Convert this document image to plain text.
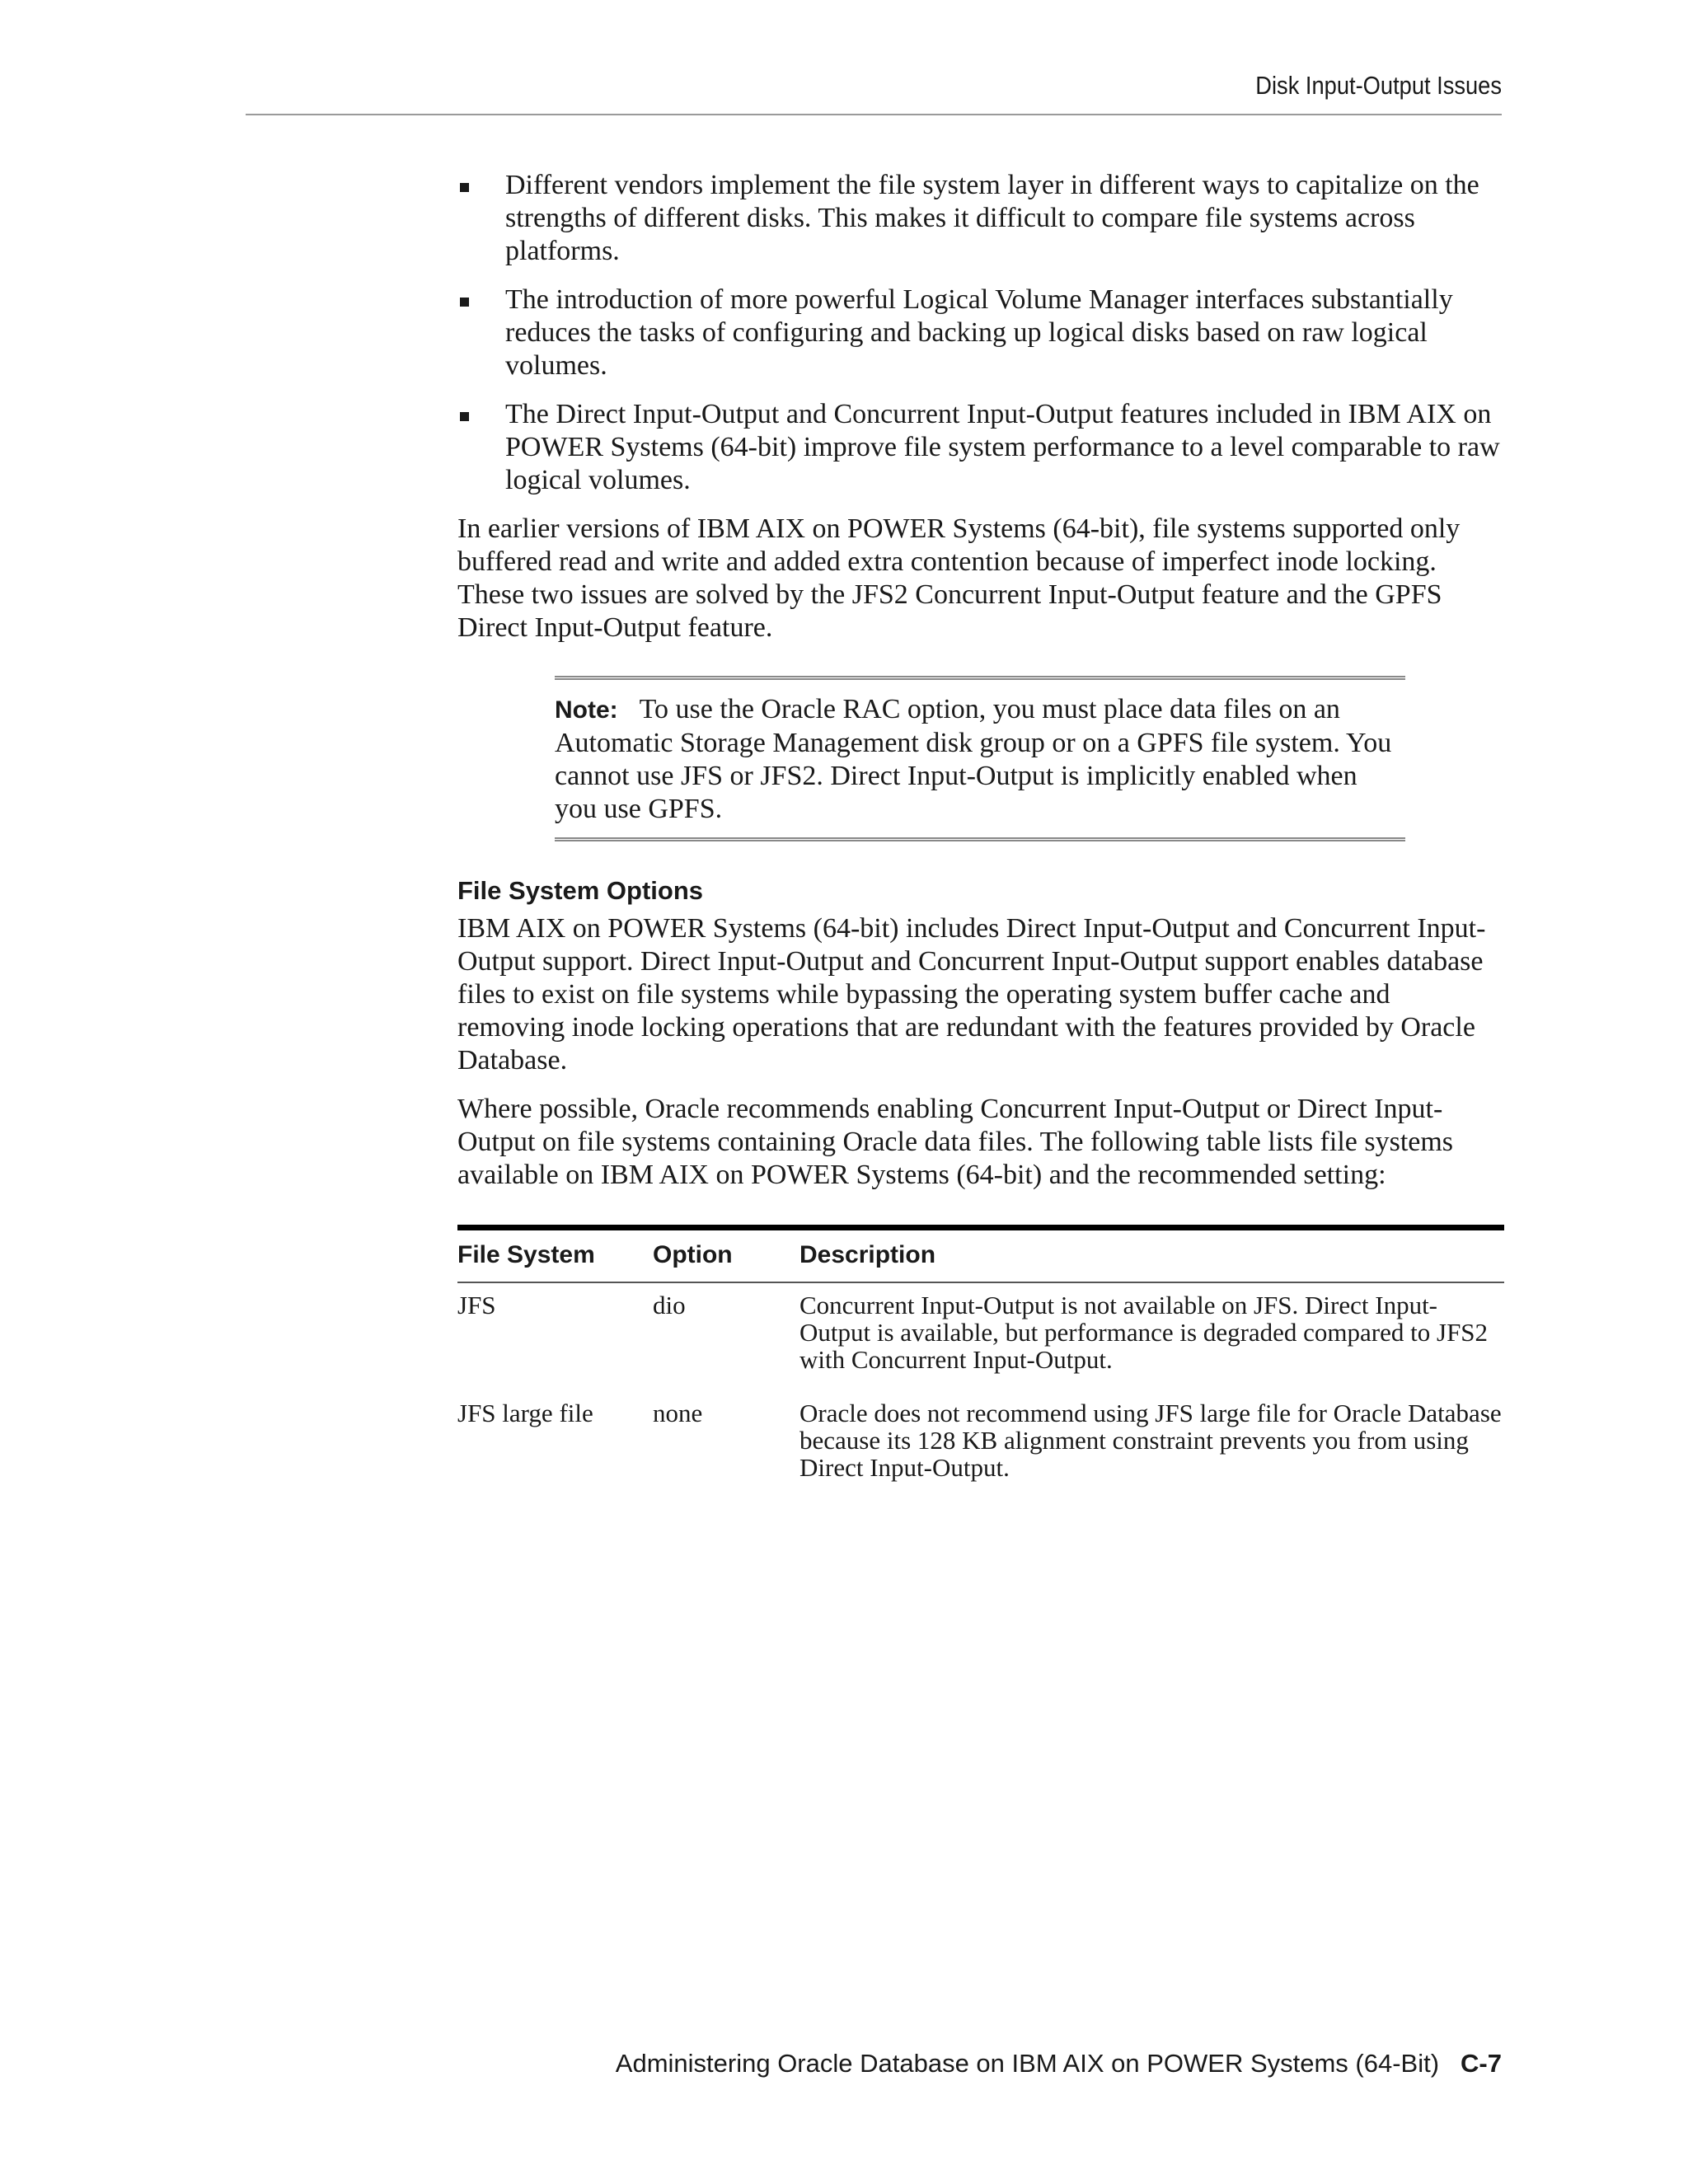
Disk Input-Output Issues
Different vendors implement the file system layer in different ways to capitalize on the strengths of different disks. This makes it difficult to compare file systems across platforms.
The introduction of more powerful Logical Volume Manager interfaces substantially reduces the tasks of configuring and backing up logical disks based on raw logical volumes.
The Direct Input-Output and Concurrent Input-Output features included in IBM AIX on POWER Systems (64-bit) improve file system performance to a level comparable to raw logical volumes.

In earlier versions of IBM AIX on POWER Systems (64-bit), file systems supported only buffered read and write and added extra contention because of imperfect inode locking. These two issues are solved by the JFS2 Concurrent Input-Output feature and the GPFS Direct Input-Output feature.

Note: To use the Oracle RAC option, you must place data files on an Automatic Storage Management disk group or on a GPFS file system. You cannot use JFS or JFS2. Direct Input-Output is implicitly enabled when you use GPFS.
File System Options

IBM AIX on POWER Systems (64-bit) includes Direct Input-Output and Concurrent Input-Output support. Direct Input-Output and Concurrent Input-Output support enables database files to exist on file systems while bypassing the operating system buffer cache and removing inode locking operations that are redundant with the features provided by Oracle Database.

Where possible, Oracle recommends enabling Concurrent Input-Output or Direct Input-Output on file systems containing Oracle data files. The following table lists file systems available on IBM AIX on POWER Systems (64-bit) and the recommended setting:

File System	Option	Description
JFS	dio	Concurrent Input-Output is not available on JFS. Direct Input-Output is available, but performance is degraded compared to JFS2 with Concurrent Input-Output.
JFS large file	none	Oracle does not recommend using JFS large file for Oracle Database because its 128 KB alignment constraint prevents you from using Direct Input-Output.
Administering Oracle Database on IBM AIX on POWER Systems (64-Bit) C-7
